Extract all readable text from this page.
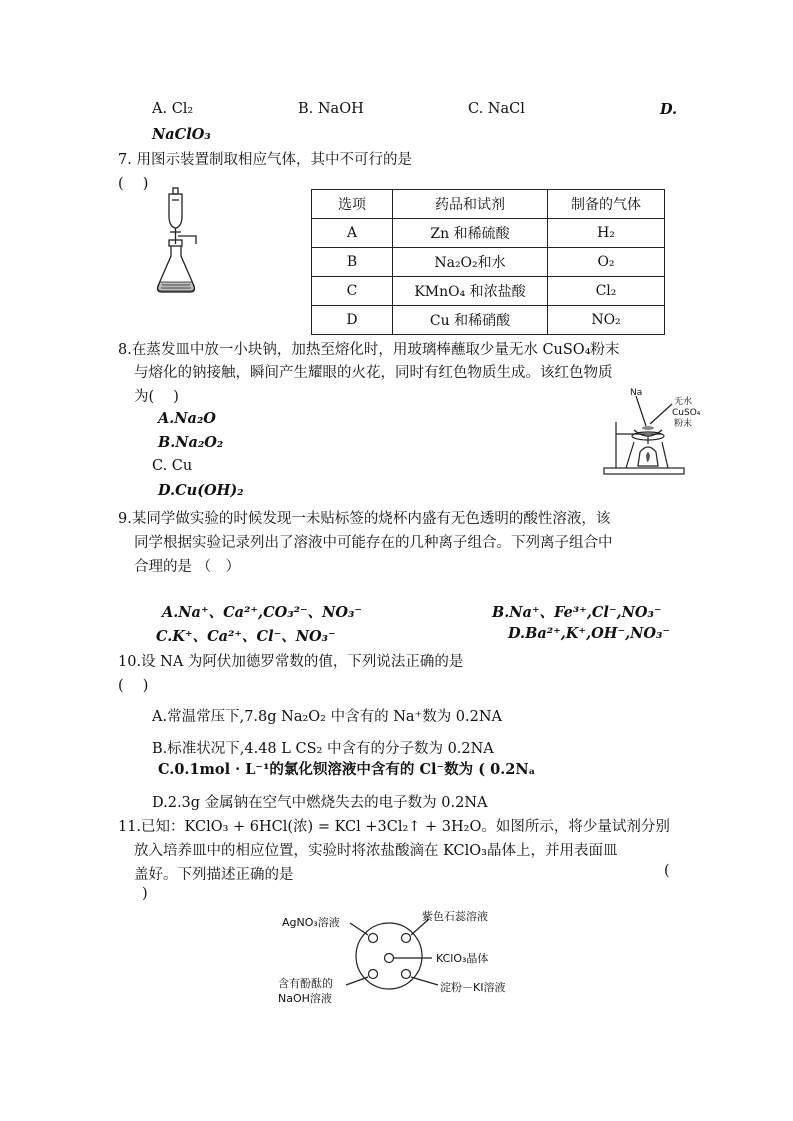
A. Cl₂	B. NaOH	C. NaCl	D.
NaClO₃
7. 用图示装置制取相应气体，其中不可行的是
(　 )
选项	药品和试剂	制备的气体
A	Zn 和稀硫酸	H₂
B	Na₂O₂和水	O₂
C	KMnO₄ 和浓盐酸	Cl₂
D	Cu 和稀硝酸	NO₂
8.在蒸发皿中放一小块钠，加热至熔化时，用玻璃棒蘸取少量无水 CuSO₄粉末
与熔化的钠接触，瞬间产生耀眼的火花，同时有红色物质生成。该红色物质
为(　 )
A.Na₂O
B.Na₂O₂
C. Cu
D.Cu(OH)₂
Na
无水
CuSO₄
粉末
9.某同学做实验的时候发现一未贴标签的烧杯内盛有无色透明的酸性溶液，该
同学根据实验记录列出了溶液中可能存在的几种离子组合。下列离子组合中
合理的是 （　）
A.Na⁺、Ca²⁺,CO₃²⁻、NO₃⁻	B.Na⁺、Fe³⁺,Cl⁻,NO₃⁻
C.K⁺、Ca²⁺、Cl⁻、NO₃⁻	D.Ba²⁺,K⁺,OH⁻,NO₃⁻
10.设 NA 为阿伏加德罗常数的值，下列说法正确的是
(　 )
A.常温常压下,7.8g Na₂O₂ 中含有的 Na⁺数为 0.2NA
B.标准状况下,4.48 L CS₂ 中含有的分子数为 0.2NA
C.0.1mol · L⁻¹的氯化钡溶液中含有的 Cl⁻数为 ( 0.2Nₐ
D.2.3g 金属钠在空气中燃烧失去的电子数为 0.2NA
11.已知：KClO₃ + 6HCl(浓) = KCl +3Cl₂↑ + 3H₂O。如图所示，将少量试剂分别
放入培养皿中的相应位置，实验时将浓盐酸滴在 KClO₃晶体上，并用表面皿
盖好。下列描述正确的是	(
)
AgNO₃溶液	紫色石蕊溶液
KClO₃晶体
含有酚酞的
NaOH溶液
淀粉－KI溶液
